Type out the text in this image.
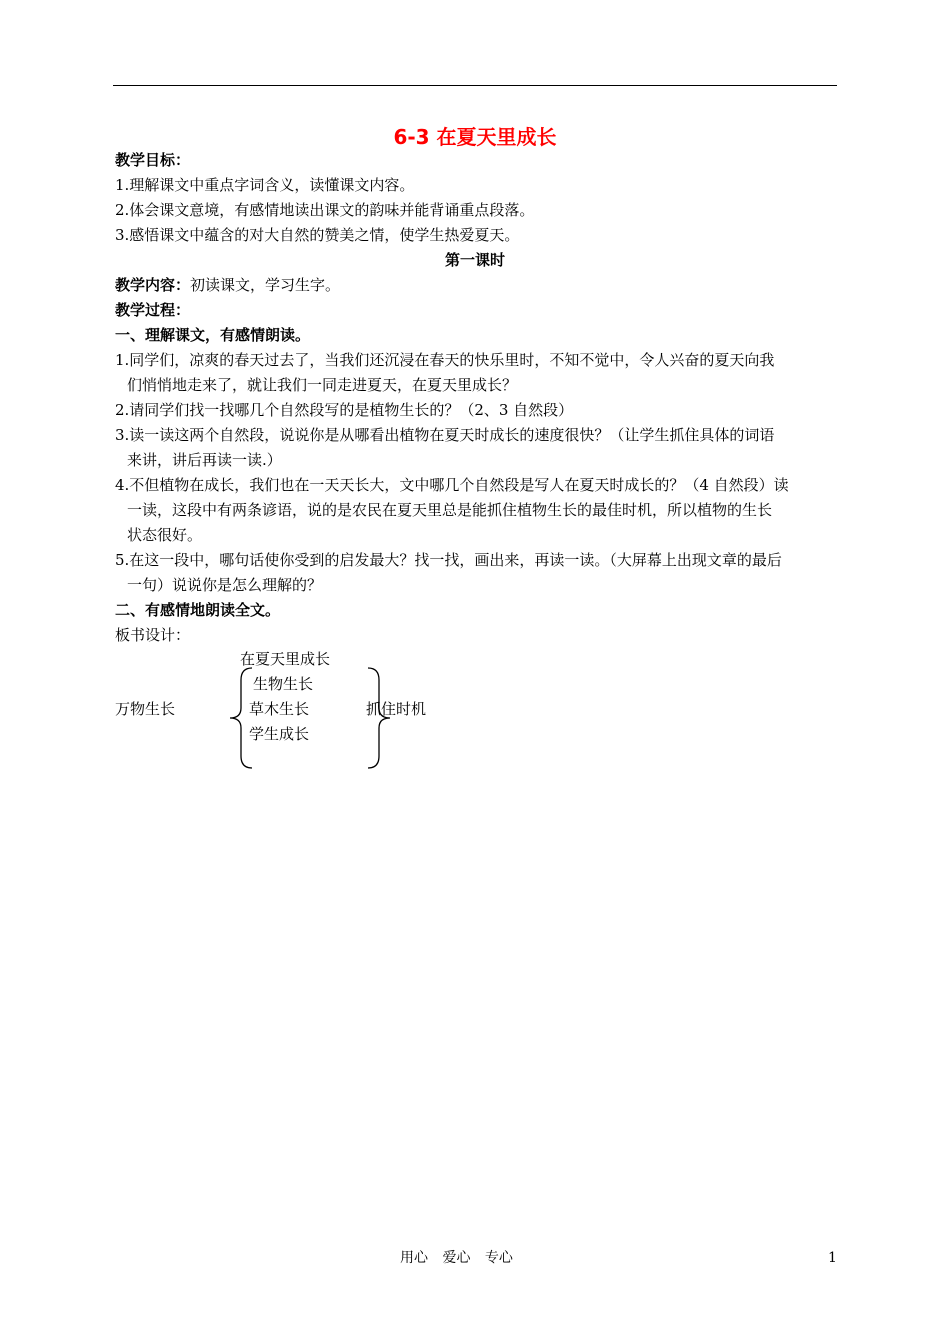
6-3 在夏天里成长
教学目标：
1.理解课文中重点字词含义，读懂课文内容。
2.体会课文意境，有感情地读出课文的韵味并能背诵重点段落。
3.感悟课文中蕴含的对大自然的赞美之情，使学生热爱夏天。
第一课时
教学内容：初读课文，学习生字。
教学过程：
一、理解课文，有感情朗读。
1.同学们，凉爽的春天过去了，当我们还沉浸在春天的快乐里时，不知不觉中，令人兴奋的夏天向我
们悄悄地走来了，就让我们一同走进夏天，在夏天里成长？
2.请同学们找一找哪几个自然段写的是植物生长的？（2、3 自然段）
3.读一读这两个自然段，说说你是从哪看出植物在夏天时成长的速度很快？（让学生抓住具体的词语
来讲，讲后再读一读.）
4.不但植物在成长，我们也在一天天长大，文中哪几个自然段是写人在夏天时成长的？（4 自然段）读
一读，这段中有两条谚语，说的是农民在夏天里总是能抓住植物生长的最佳时机，所以植物的生长
状态很好。
5.在这一段中，哪句话使你受到的启发最大？找一找，画出来，再读一读。（大屏幕上出现文章的最后
一句）说说你是怎么理解的？
二、有感情地朗读全文。
板书设计：
在夏天里成长
万物生长
生物生长
草木生长
学生成长
抓住时机
用心 爱心 专心	1
